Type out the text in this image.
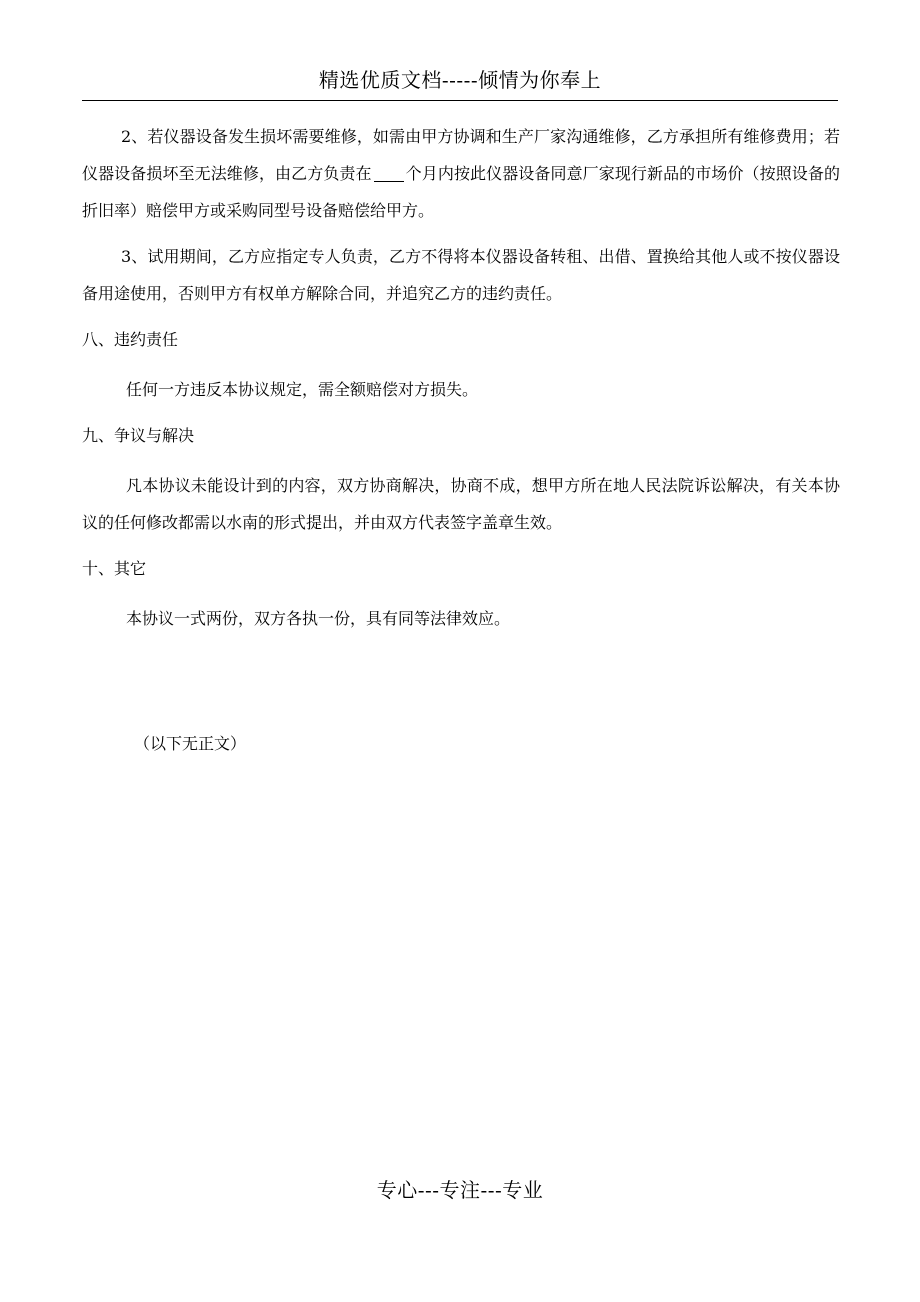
精选优质文档-----倾情为你奉上

2、若仪器设备发生损坏需要维修，如需由甲方协调和生产厂家沟通维修，乙方承担所有维修费用；若仪器设备损坏至无法维修，由乙方负责在 个月内按此仪器设备同意厂家现行新品的市场价（按照设备的折旧率）赔偿甲方或采购同型号设备赔偿给甲方。

3、试用期间，乙方应指定专人负责，乙方不得将本仪器设备转租、出借、置换给其他人或不按仪器设备用途使用，否则甲方有权单方解除合同，并追究乙方的违约责任。

八、违约责任

任何一方违反本协议规定，需全额赔偿对方损失。

九、争议与解决

凡本协议未能设计到的内容，双方协商解决，协商不成，想甲方所在地人民法院诉讼解决，有关本协议的任何修改都需以水南的形式提出，并由双方代表签字盖章生效。

十、其它

本协议一式两份，双方各执一份，具有同等法律效应。

（以下无正文）
专心---专注---专业
